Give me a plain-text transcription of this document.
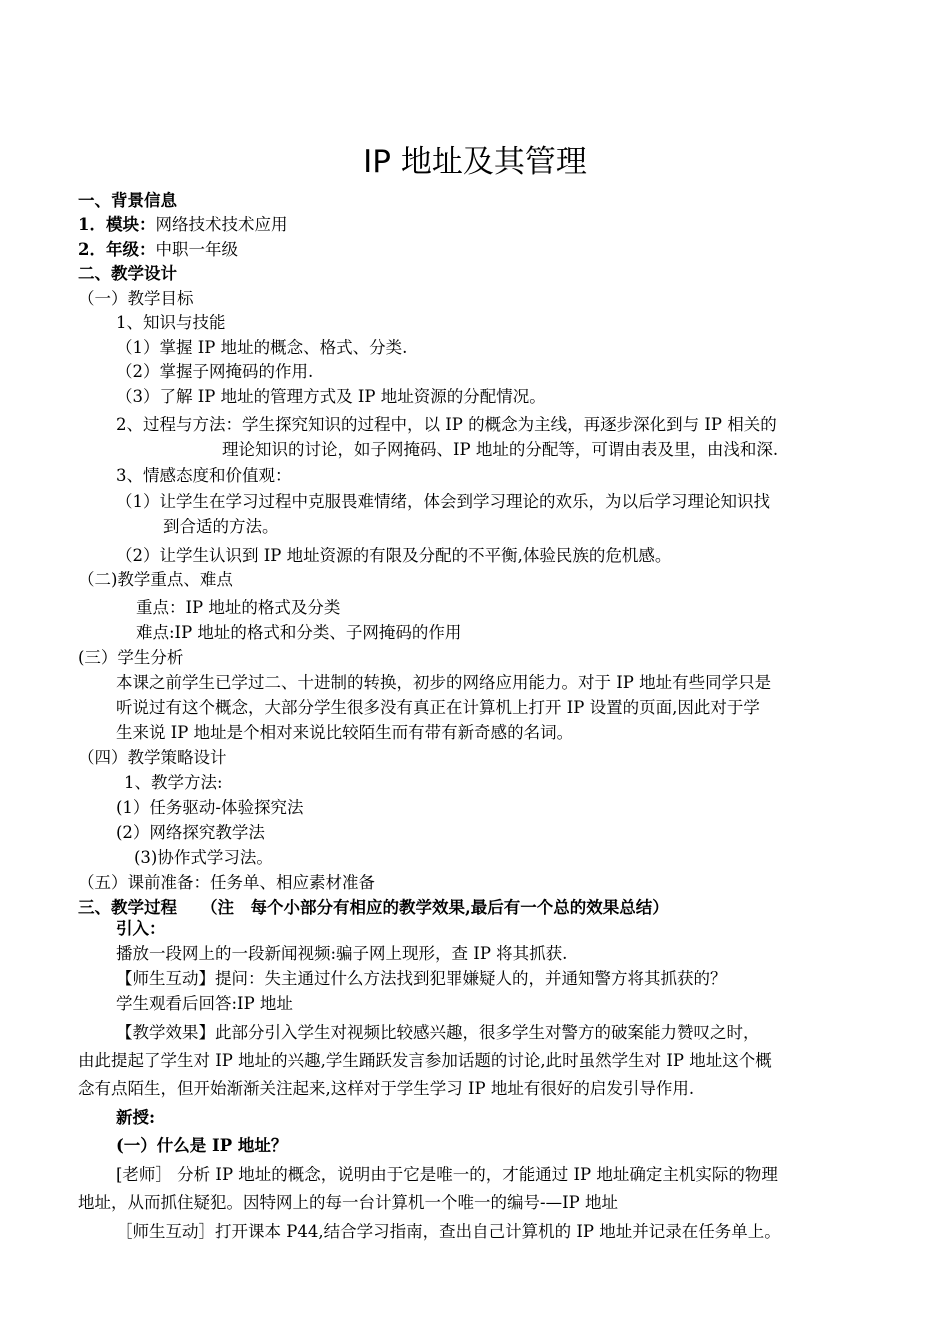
IP 地址及其管理
一、背景信息
1．模块：网络技术技术应用
2．年级：中职一年级
二、教学设计
（一）教学目标
1、知识与技能
（1）掌握 IP 地址的概念、格式、分类.
（2）掌握子网掩码的作用.
（3）了解 IP 地址的管理方式及 IP 地址资源的分配情况。
2、过程与方法：学生探究知识的过程中，以 IP 的概念为主线，再逐步深化到与 IP 相关的
理论知识的讨论，如子网掩码、IP 地址的分配等，可谓由表及里，由浅和深.
3、情感态度和价值观：
（1）让学生在学习过程中克服畏难情绪，体会到学习理论的欢乐，为以后学习理论知识找
到合适的方法。
（2）让学生认识到 IP 地址资源的有限及分配的不平衡,体验民族的危机感。
（二)教学重点、难点
重点：IP 地址的格式及分类
难点:IP 地址的格式和分类、子网掩码的作用
(三）学生分析
本课之前学生已学过二、十进制的转换，初步的网络应用能力。对于 IP 地址有些同学只是
听说过有这个概念，大部分学生很多没有真正在计算机上打开 IP 设置的页面,因此对于学
生来说 IP 地址是个相对来说比较陌生而有带有新奇感的名词。
（四）教学策略设计
1、教学方法:
(1）任务驱动-体验探究法
(2）网络探究教学法
(3)协作式学习法。
（五）课前准备：任务单、相应素材准备
三、教学过程 （注　每个小部分有相应的教学效果,最后有一个总的效果总结）
引入：
播放一段网上的一段新闻视频:骗子网上现形，查 IP 将其抓获.
【师生互动】提问：失主通过什么方法找到犯罪嫌疑人的，并通知警方将其抓获的？
学生观看后回答:IP 地址
【教学效果】此部分引入学生对视频比较感兴趣，很多学生对警方的破案能力赞叹之时，
由此提起了学生对 IP 地址的兴趣,学生踊跃发言参加话题的讨论,此时虽然学生对 IP 地址这个概
念有点陌生，但开始渐渐关注起来,这样对于学生学习 IP 地址有很好的启发引导作用.
新授:
(一）什么是 IP 地址？
[老师］ 分析 IP 地址的概念，说明由于它是唯一的，才能通过 IP 地址确定主机实际的物理
地址，从而抓住疑犯。因特网上的每一台计算机一个唯一的编号-—IP 地址
［师生互动］打开课本 P44,结合学习指南，查出自己计算机的 IP 地址并记录在任务单上。
